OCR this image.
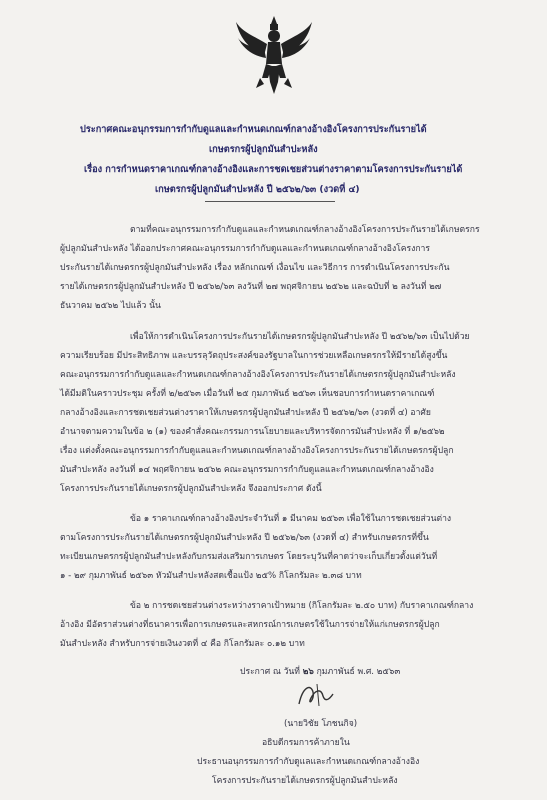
ประกาศคณะอนุกรรมการกำกับดูแลและกำหนดเกณฑ์กลางอ้างอิงโครงการประกันรายได้
เกษตรกรผู้ปลูกมันสำปะหลัง
เรื่อง การกำหนดราคาเกณฑ์กลางอ้างอิงและการชดเชยส่วนต่างราคาตามโครงการประกันรายได้
เกษตรกรผู้ปลูกมันสำปะหลัง ปี ๒๕๖๒/๖๓ (งวดที่ ๔)
ตามที่คณะอนุกรรมการกำกับดูแลและกำหนดเกณฑ์กลางอ้างอิงโครงการประกันรายได้เกษตรกร
ผู้ปลูกมันสำปะหลัง ได้ออกประกาศคณะอนุกรรมการกำกับดูแลและกำหนดเกณฑ์กลางอ้างอิงโครงการ
ประกันรายได้เกษตรกรผู้ปลูกมันสำปะหลัง เรื่อง หลักเกณฑ์ เงื่อนไข และวิธีการ การดำเนินโครงการประกัน
รายได้เกษตรกรผู้ปลูกมันสำปะหลัง ปี ๒๕๖๒/๖๓ ลงวันที่ ๒๗ พฤศจิกายน ๒๕๖๒ และฉบับที่ ๒ ลงวันที่ ๒๗
ธันวาคม ๒๕๖๒ ไปแล้ว นั้น
เพื่อให้การดำเนินโครงการประกันรายได้เกษตรกรผู้ปลูกมันสำปะหลัง ปี ๒๕๖๒/๖๓ เป็นไปด้วย
ความเรียบร้อย มีประสิทธิภาพ และบรรลุวัตถุประสงค์ของรัฐบาลในการช่วยเหลือเกษตรกรให้มีรายได้สูงขึ้น
คณะอนุกรรมการกำกับดูแลและกำหนดเกณฑ์กลางอ้างอิงโครงการประกันรายได้เกษตรกรผู้ปลูกมันสำปะหลัง
ได้มีมติในคราวประชุม ครั้งที่ ๒/๒๕๖๓ เมื่อวันที่ ๒๕ กุมภาพันธ์ ๒๕๖๓ เห็นชอบการกำหนดราคาเกณฑ์
กลางอ้างอิงและการชดเชยส่วนต่างราคาให้เกษตรกรผู้ปลูกมันสำปะหลัง ปี ๒๕๖๒/๖๓ (งวดที่ ๔) อาศัย
อำนาจตามความในข้อ ๒ (๑) ของคำสั่งคณะกรรมการนโยบายและบริหารจัดการมันสำปะหลัง ที่ ๑/๒๕๖๒
เรื่อง แต่งตั้งคณะอนุกรรมการกำกับดูแลและกำหนดเกณฑ์กลางอ้างอิงโครงการประกันรายได้เกษตรกรผู้ปลูก
มันสำปะหลัง ลงวันที่ ๑๔ พฤศจิกายน ๒๕๖๒ คณะอนุกรรมการกำกับดูแลและกำหนดเกณฑ์กลางอ้างอิง
โครงการประกันรายได้เกษตรกรผู้ปลูกมันสำปะหลัง จึงออกประกาศ ดังนี้
ข้อ ๑ ราคาเกณฑ์กลางอ้างอิงประจำวันที่ ๑ มีนาคม ๒๕๖๓ เพื่อใช้ในการชดเชยส่วนต่าง
ตามโครงการประกันรายได้เกษตรกรผู้ปลูกมันสำปะหลัง ปี ๒๕๖๒/๖๓ (งวดที่ ๔) สำหรับเกษตรกรที่ขึ้น
ทะเบียนเกษตรกรผู้ปลูกมันสำปะหลังกับกรมส่งเสริมการเกษตร โดยระบุวันที่คาดว่าจะเก็บเกี่ยวตั้งแต่วันที่
๑ - ๒๙ กุมภาพันธ์ ๒๕๖๓ หัวมันสำปะหลังสดเชื้อแป้ง ๒๕% กิโลกรัมละ ๒.๓๘ บาท
ข้อ ๒ การชดเชยส่วนต่างระหว่างราคาเป้าหมาย (กิโลกรัมละ ๒.๕๐ บาท) กับราคาเกณฑ์กลาง
อ้างอิง มีอัตราส่วนต่างที่ธนาคารเพื่อการเกษตรและสหกรณ์การเกษตรใช้ในการจ่ายให้แก่เกษตรกรผู้ปลูก
มันสำปะหลัง สำหรับการจ่ายเงินงวดที่ ๔ คือ กิโลกรัมละ ๐.๑๒ บาท
ประกาศ ณ วันที่ ๒๖ กุมภาพันธ์ พ.ศ. ๒๕๖๓
(นายวิชัย โภชนกิจ)
อธิบดีกรมการค้าภายใน
ประธานอนุกรรมการกำกับดูแลและกำหนดเกณฑ์กลางอ้างอิง
โครงการประกันรายได้เกษตรกรผู้ปลูกมันสำปะหลัง
